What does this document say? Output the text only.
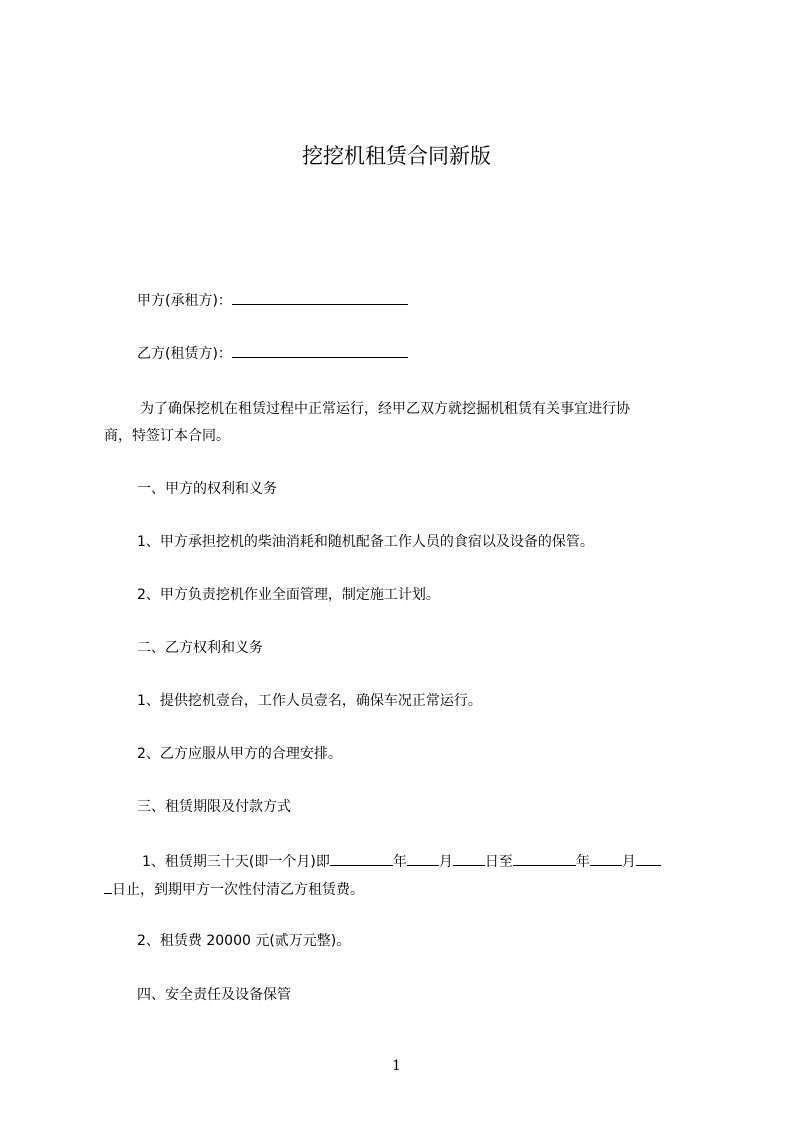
挖挖机租赁合同新版

甲方(承租方)：

乙方(租赁方)：

为了确保挖机在租赁过程中正常运行，经甲乙双方就挖掘机租赁有关事宜进行协

商，特签订本合同。

一、甲方的权利和义务

1、甲方承担挖机的柴油消耗和随机配备工作人员的食宿以及设备的保管。

2、甲方负责挖机作业全面管理，制定施工计划。

二、乙方权利和义务

1、提供挖机壹台，工作人员壹名，确保车况正常运行。

2、乙方应服从甲方的合理安排。

三、租赁期限及付款方式

1、租赁期三十天(即一个月)即	年 月 日至	年 月

日止，到期甲方一次性付清乙方租赁费。

2、租赁费 20000 元(贰万元整)。

四、安全责任及设备保管

1
